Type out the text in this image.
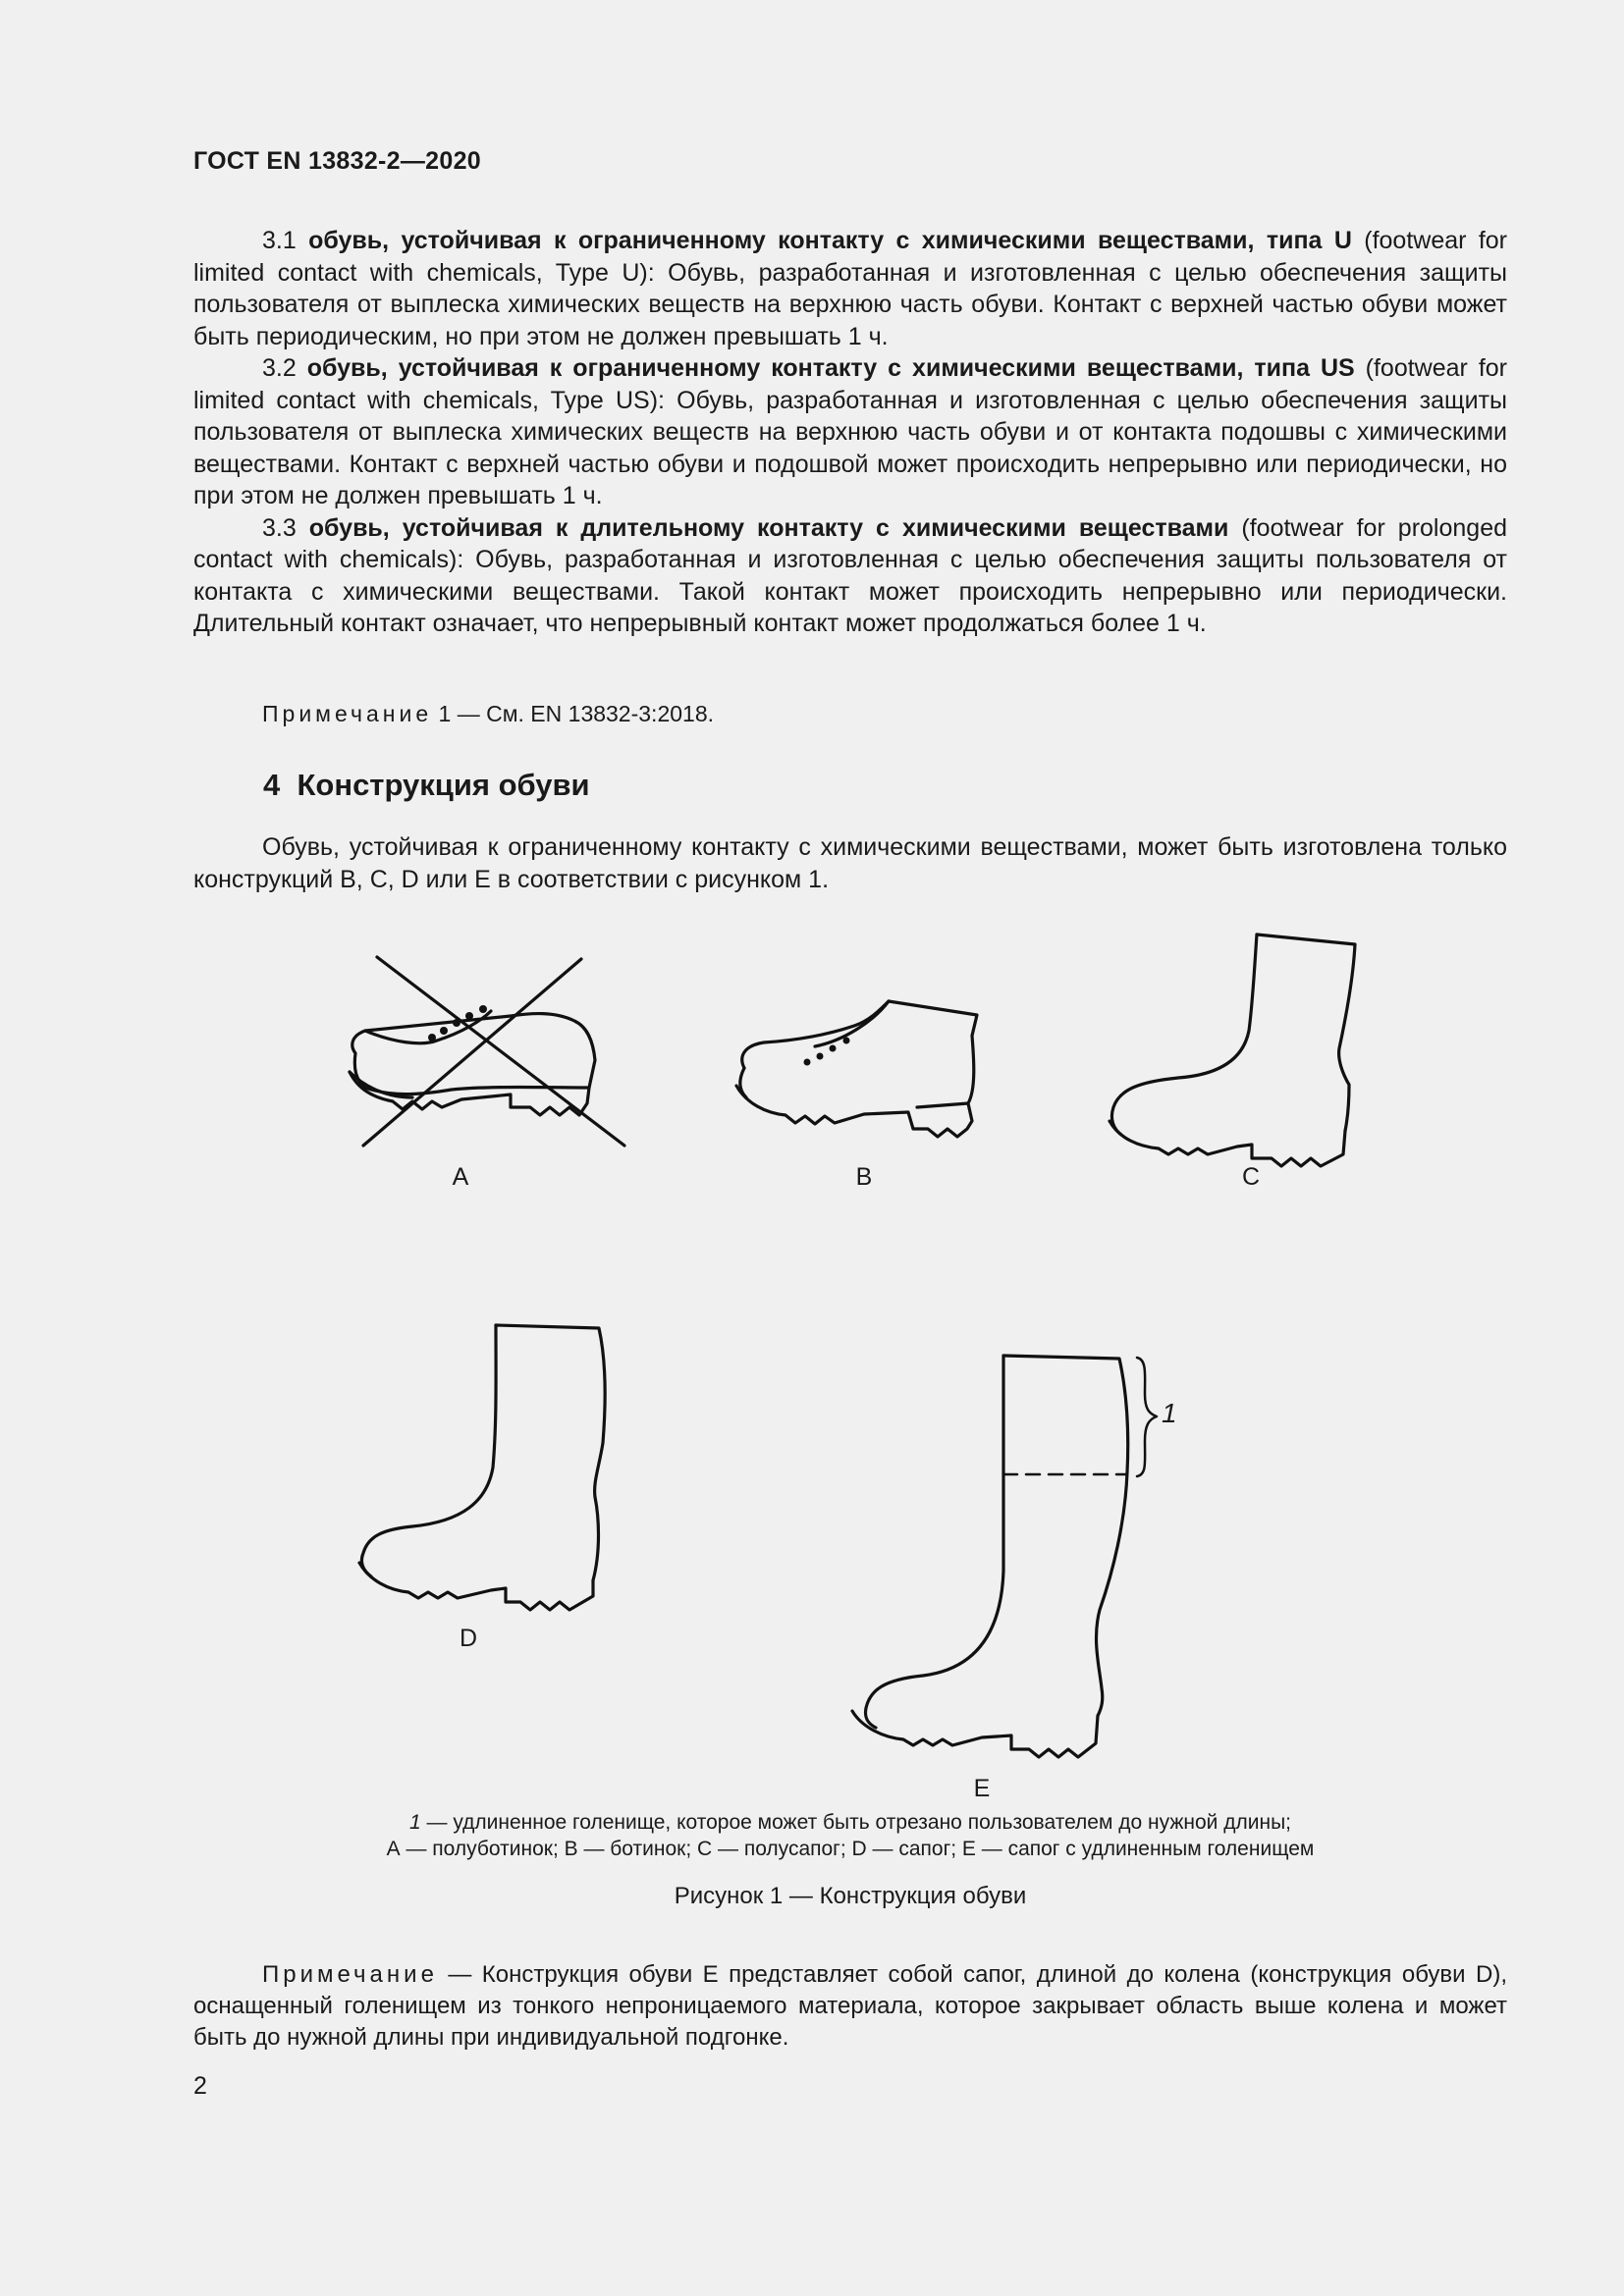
ГОСТ EN 13832-2—2020

3.1 обувь, устойчивая к ограниченному контакту с химическими веществами, типа U (footwear for limited contact with chemicals, Type U): Обувь, разработанная и изготовленная с целью обеспечения защиты пользователя от выплеска химических веществ на верхнюю часть обуви. Контакт с верхней частью обуви может быть периодическим, но при этом не должен превышать 1 ч.

3.2 обувь, устойчивая к ограниченному контакту с химическими веществами, типа US (footwear for limited contact with chemicals, Type US): Обувь, разработанная и изготовленная с целью обеспечения защиты пользователя от выплеска химических веществ на верхнюю часть обуви и от контакта подошвы с химическими веществами. Контакт с верхней частью обуви и подошвой может происходить непрерывно или периодически, но при этом не должен превышать 1 ч.

3.3 обувь, устойчивая к длительному контакту с химическими веществами (footwear for prolonged contact with chemicals): Обувь, разработанная и изготовленная с целью обеспечения защиты пользователя от контакта с химическими веществами. Такой контакт может происходить непрерывно или периодически. Длительный контакт означает, что непрерывный контакт может продолжаться более 1 ч.

Примечание 1 — См. EN 13832-3:2018.
4 Конструкция обуви

Обувь, устойчивая к ограниченному контакту с химическими веществами, может быть изготовлена только конструкций В, С, D или Е в соответствии с рисунком 1.

A	B	C
D
E
1
1 — удлиненное голенище, которое может быть отрезано пользователем до нужной длины;
А — полуботинок; В — ботинок; С — полусапог; D — сапог; Е — сапог с удлиненным голенищем
Рисунок 1 — Конструкция обуви
Примечание — Конструкция обуви Е представляет собой сапог, длиной до колена (конструкция обуви D), оснащенный голенищем из тонкого непроницаемого материала, которое закрывает область выше колена и может быть до нужной длины при индивидуальной подгонке.
2
